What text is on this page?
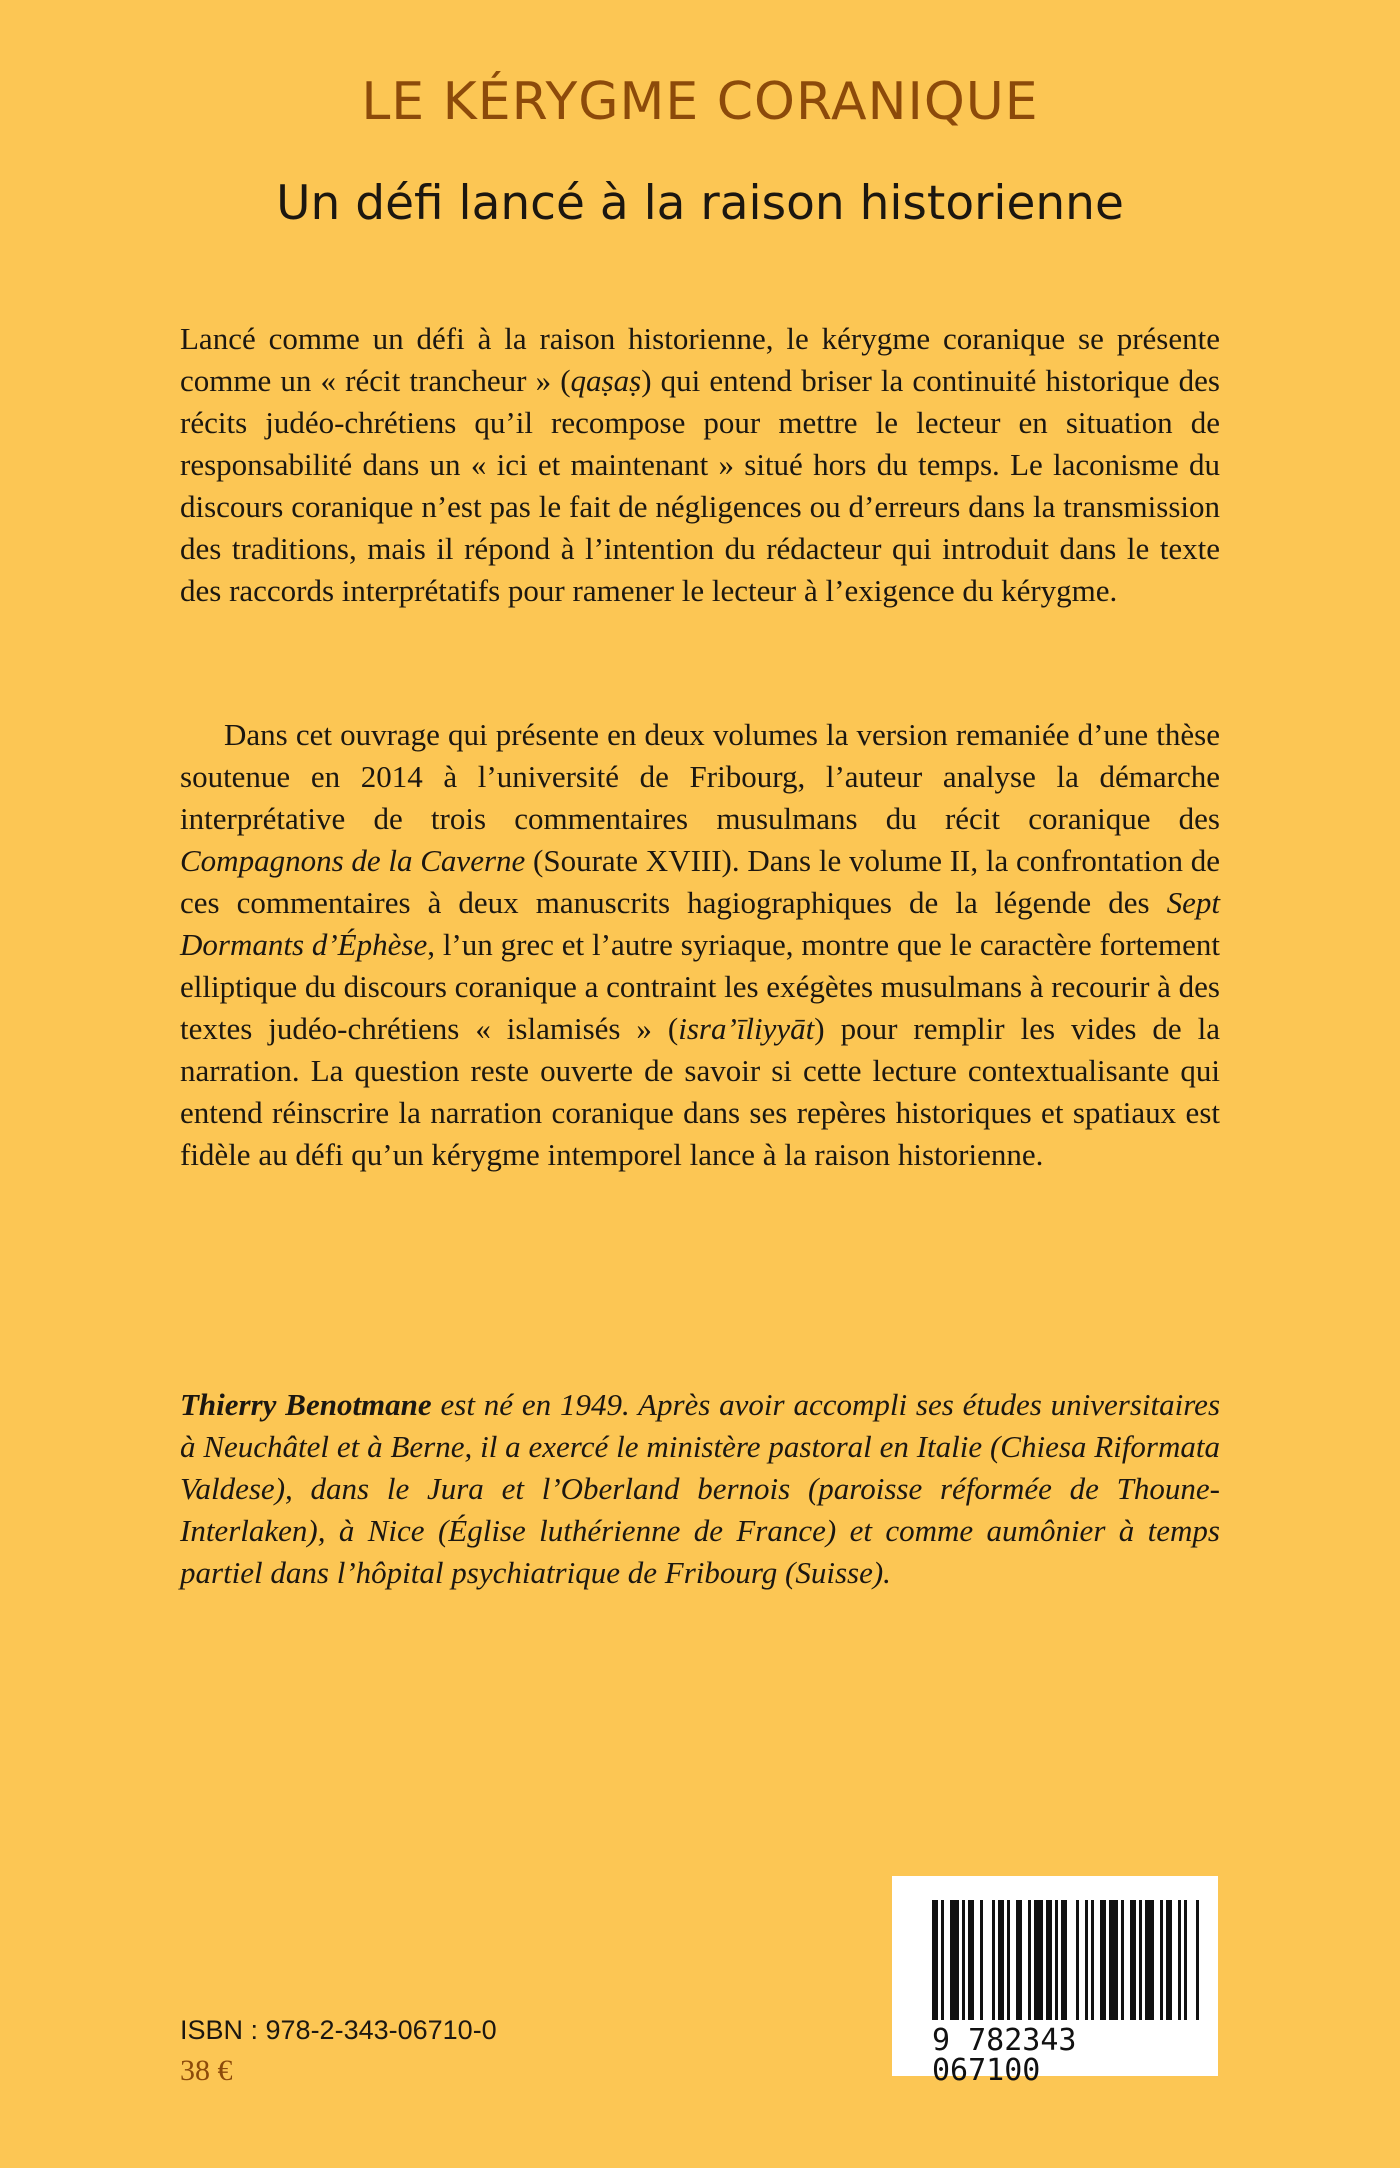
LE KÉRYGME CORANIQUE
Un défi lancé à la raison historienne

Lancé comme un défi à la raison historienne, le kérygme coranique se présente comme un « récit trancheur » (qaṣaṣ) qui entend briser la continuité historique des récits judéo-chrétiens qu’il recompose pour mettre le lecteur en situation de responsabilité dans un « ici et maintenant » situé hors du temps. Le laconisme du discours coranique n’est pas le fait de négligences ou d’erreurs dans la transmission des traditions, mais il répond à l’intention du rédacteur qui introduit dans le texte des raccords interprétatifs pour ramener le lecteur à l’exigence du kérygme.

Dans cet ouvrage qui présente en deux volumes la version remaniée d’une thèse soutenue en 2014 à l’université de Fribourg, l’auteur analyse la démarche interprétative de trois commentaires musulmans du récit coranique des Compagnons de la Caverne (Sourate XVIII). Dans le volume II, la confrontation de ces commentaires à deux manuscrits hagiographiques de la légende des Sept Dormants d’Éphèse, l’un grec et l’autre syriaque, montre que le caractère fortement elliptique du discours coranique a contraint les exégètes musulmans à recourir à des textes judéo-chrétiens « islamisés » (isra’īliyyāt) pour remplir les vides de la narration. La question reste ouverte de savoir si cette lecture contextualisante qui entend réinscrire la narration coranique dans ses repères historiques et spatiaux est fidèle au défi qu’un kérygme intemporel lance à la raison historienne.

Thierry Benotmane est né en 1949. Après avoir accompli ses études universitaires à Neuchâtel et à Berne, il a exercé le ministère pastoral en Italie (Chiesa Riformata Valdese), dans le Jura et l’Oberland bernois (paroisse réformée de Thoune-Interlaken), à Nice (Église luthérienne de France) et comme aumônier à temps partiel dans l’hôpital psychiatrique de Fribourg (Suisse).

9 782343 067100
ISBN : 978-2-343-06710-0
38 €
